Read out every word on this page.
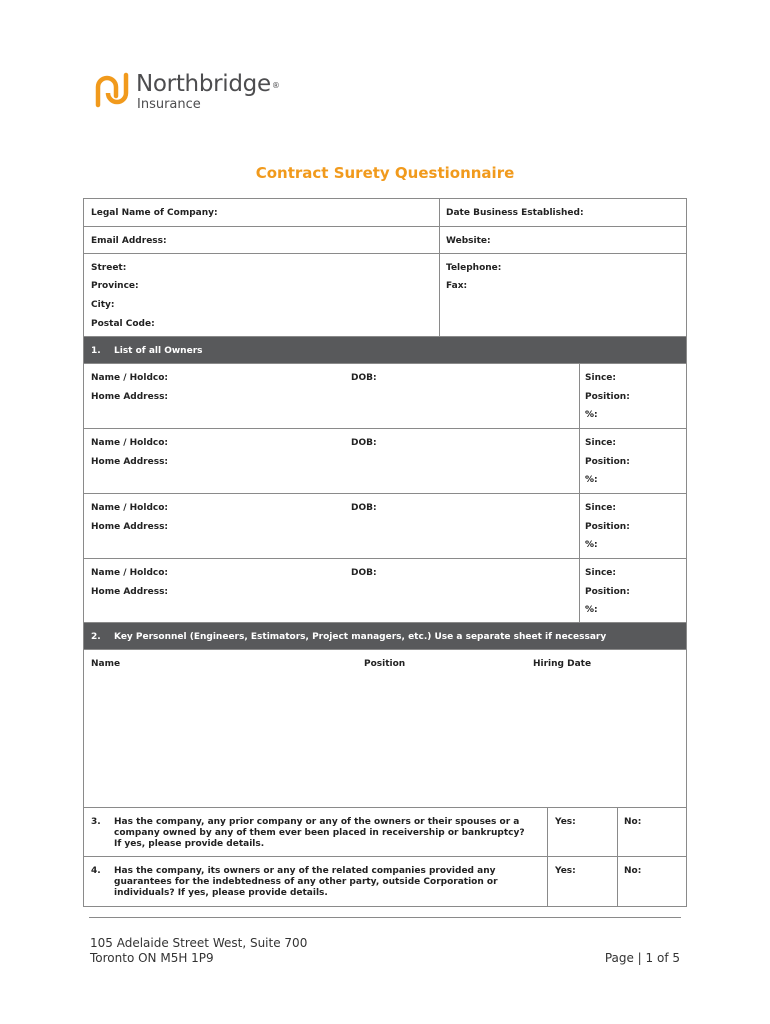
Northbridge®
Insurance
Contract Surety Questionnaire
Legal Name of Company:	Date Business Established:
Email Address:	Website:
Street:
Province:
City:
Postal Code:
Telephone:
Fax:
1. List of all Owners
Name / Holdco:	DOB:
Home Address:
Since:
Position:
%:
Name / Holdco:	DOB:
Home Address:
Since:
Position:
%:
Name / Holdco:	DOB:
Home Address:
Since:
Position:
%:
Name / Holdco:	DOB:
Home Address:
Since:
Position:
%:
2. Key Personnel (Engineers, Estimators, Project managers, etc.) Use a separate sheet if necessary
Name	Position	Hiring Date
3. Has the company, any prior company or any of the owners or their spouses or a company owned by any of them ever been placed in receivership or bankruptcy? If yes, please provide details.
Yes:	No:
4. Has the company, its owners or any of the related companies provided any guarantees for the indebtedness of any other party, outside Corporation or individuals? If yes, please provide details.
Yes:	No:
105 Adelaide Street West, Suite 700
Toronto ON M5H 1P9	Page | 1 of 5
